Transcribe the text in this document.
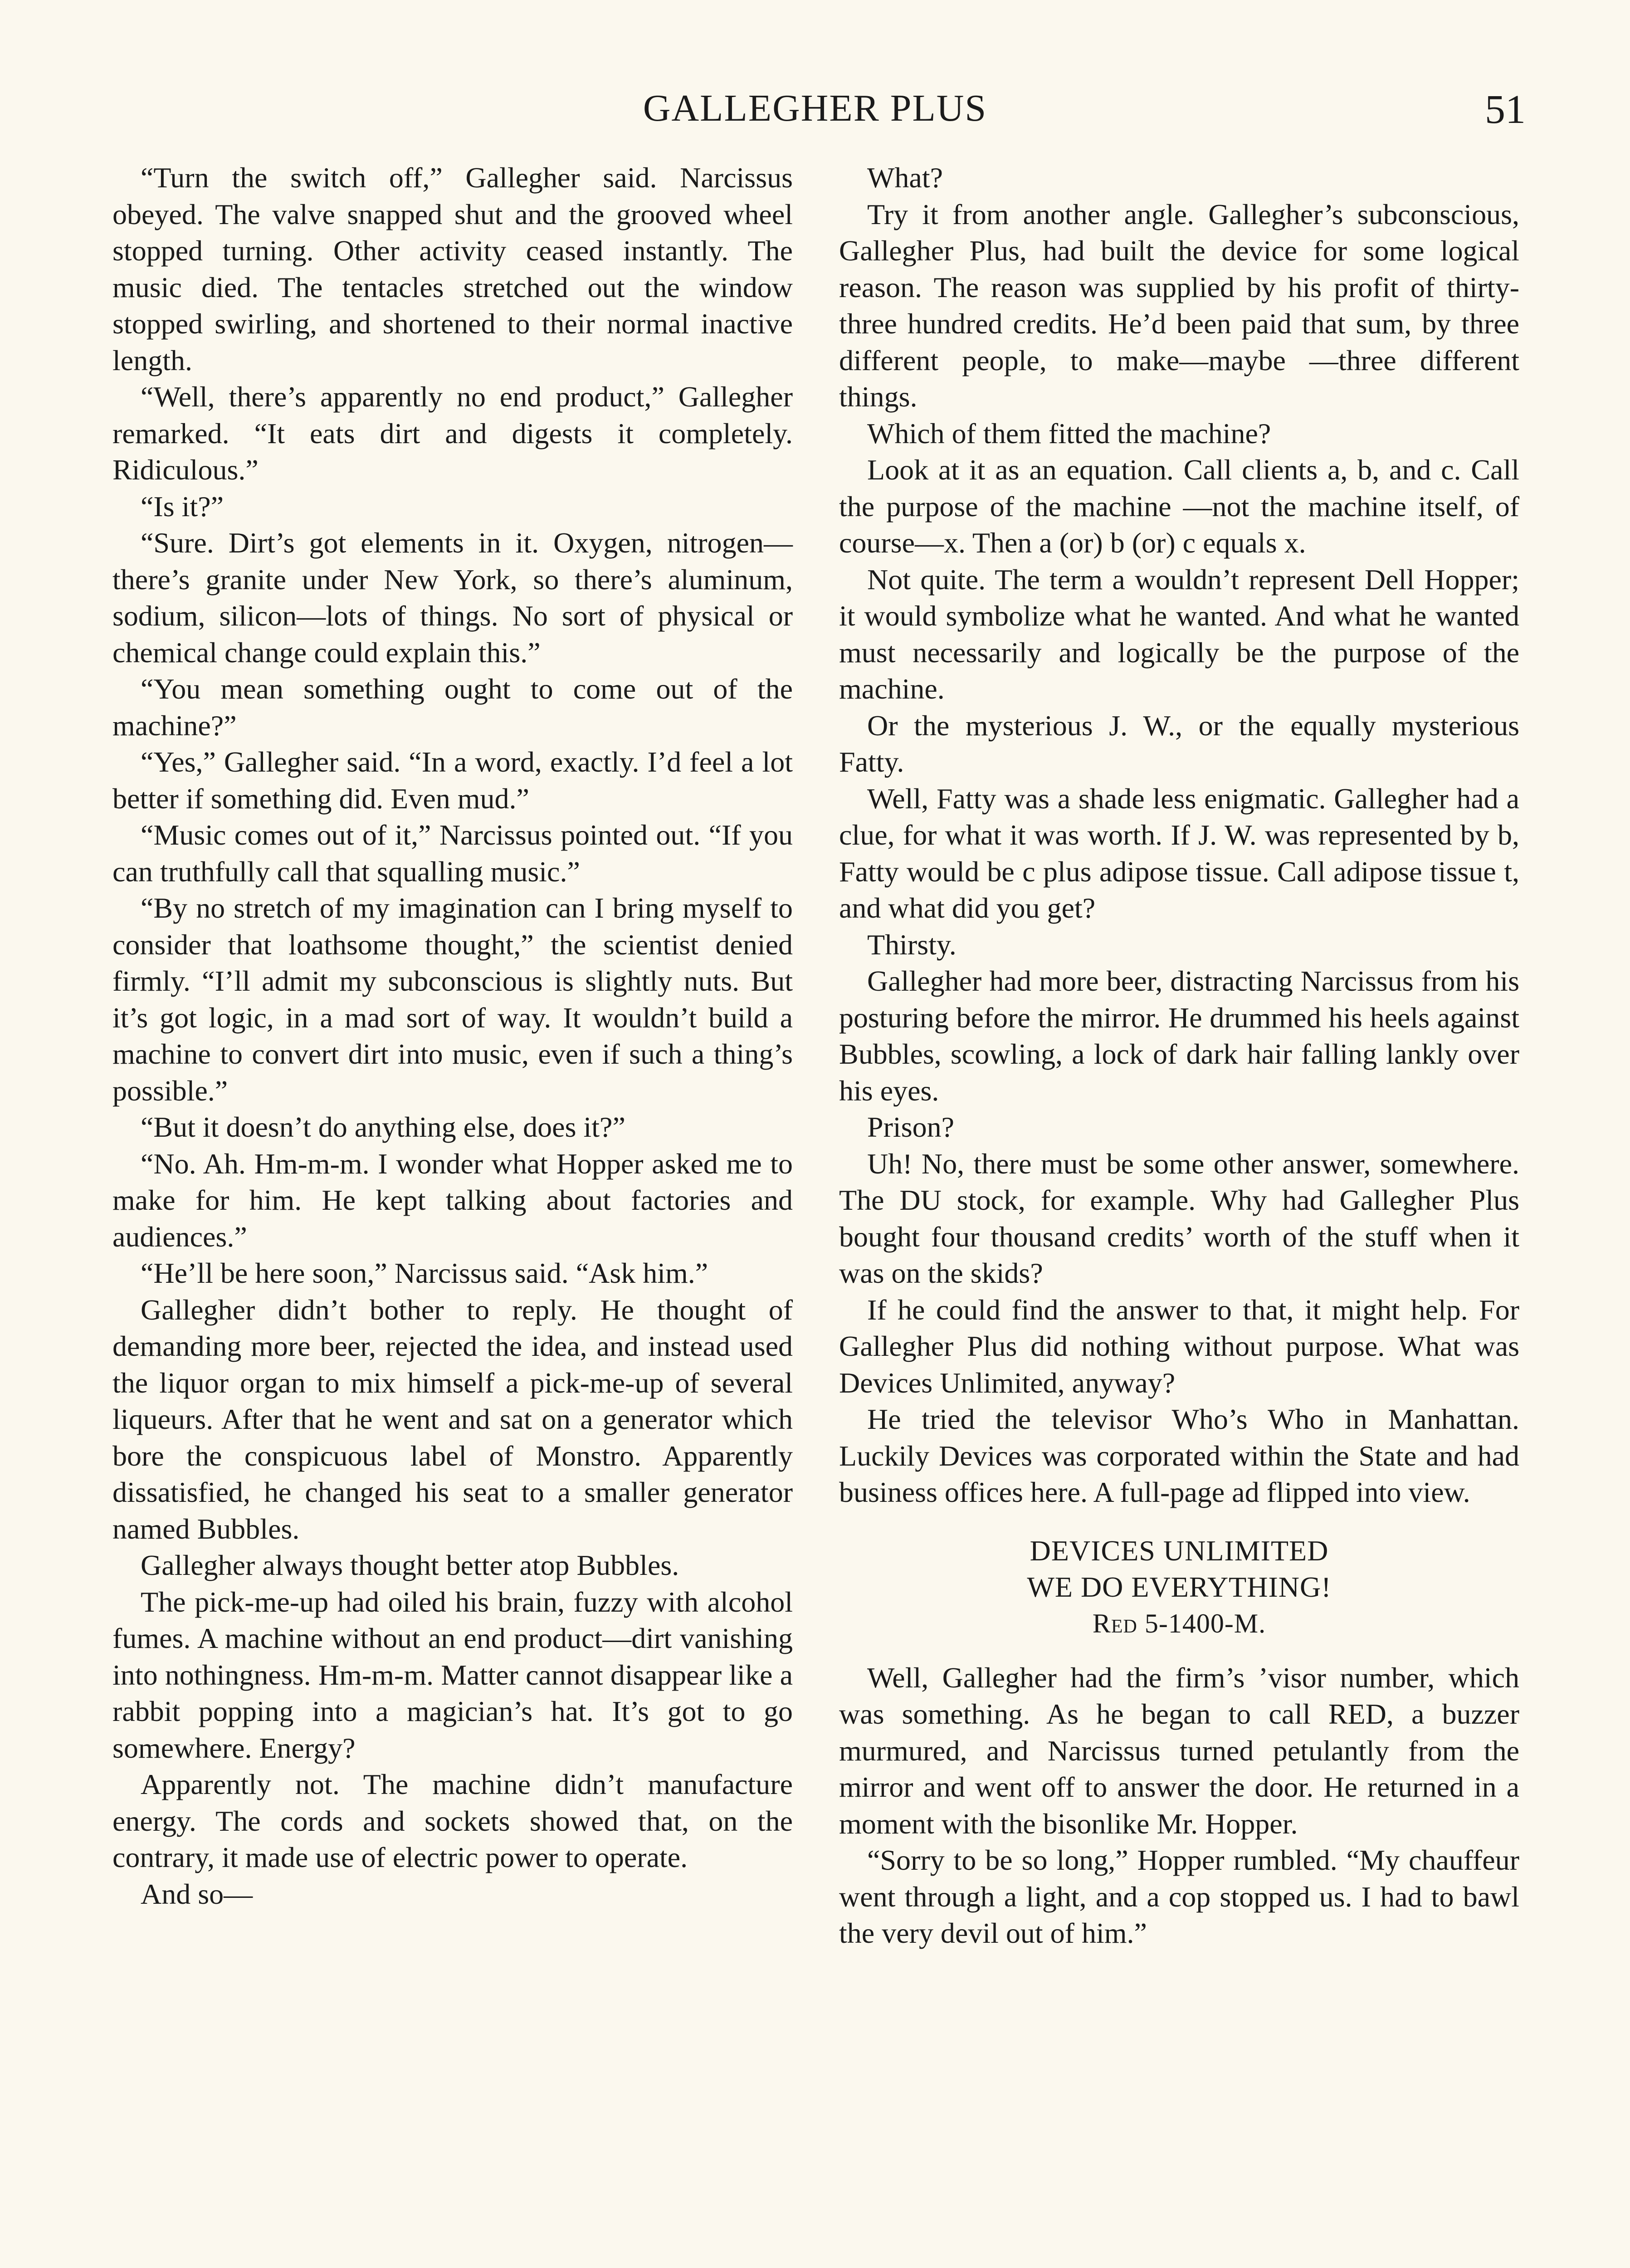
GALLEGHER PLUS	51

“Turn the switch off,” Gallegher said. Narcissus obeyed. The valve snapped shut and the grooved wheel stopped turning. Other activity ceased instantly. The music died. The tentacles stretched out the window stopped swirling, and shortened to their normal inactive length.

“Well, there’s apparently no end product,” Gallegher remarked. “It eats dirt and digests it completely. Ridiculous.”

“Is it?”

“Sure. Dirt’s got elements in it. Oxygen, nitrogen—there’s granite under New York, so there’s aluminum, sodium, silicon—lots of things. No sort of physical or chemical change could explain this.”

“You mean something ought to come out of the machine?”

“Yes,” Gallegher said. “In a word, exactly. I’d feel a lot better if something did. Even mud.”

“Music comes out of it,” Narcissus pointed out. “If you can truthfully call that squalling music.”

“By no stretch of my imagination can I bring myself to consider that loathsome thought,” the scientist denied firmly. “I’ll admit my subconscious is slightly nuts. But it’s got logic, in a mad sort of way. It wouldn’t build a machine to convert dirt into music, even if such a thing’s possible.”

“But it doesn’t do anything else, does it?”

“No. Ah. Hm-m-m. I wonder what Hopper asked me to make for him. He kept talking about factories and audiences.”

“He’ll be here soon,” Narcissus said. “Ask him.”

Gallegher didn’t bother to reply. He thought of demanding more beer, rejected the idea, and instead used the liquor organ to mix himself a pick-me-up of several liqueurs. After that he went and sat on a generator which bore the conspicuous label of Monstro. Apparently dissatisfied, he changed his seat to a smaller generator named Bubbles.

Gallegher always thought better atop Bubbles.

The pick-me-up had oiled his brain, fuzzy with alcohol fumes. A machine without an end product—dirt vanishing into nothingness. Hm-m-m. Matter cannot disappear like a rabbit popping into a magician’s hat. It’s got to go somewhere. Energy?

Apparently not. The machine didn’t manufacture energy. The cords and sockets showed that, on the contrary, it made use of electric power to operate.

And so—

What?

Try it from another angle. Gallegher’s subconscious, Gallegher Plus, had built the device for some logical reason. The reason was supplied by his profit of thirty-three hundred credits. He’d been paid that sum, by three different people, to make—maybe —three different things.

Which of them fitted the machine?

Look at it as an equation. Call clients a, b, and c. Call the purpose of the machine —not the machine itself, of course—x. Then a (or) b (or) c equals x.

Not quite. The term a wouldn’t represent Dell Hopper; it would symbolize what he wanted. And what he wanted must necessarily and logically be the purpose of the machine.

Or the mysterious J. W., or the equally mysterious Fatty.

Well, Fatty was a shade less enigmatic. Gallegher had a clue, for what it was worth. If J. W. was represented by b, Fatty would be c plus adipose tissue. Call adipose tissue t, and what did you get?

Thirsty.

Gallegher had more beer, distracting Narcissus from his posturing before the mirror. He drummed his heels against Bubbles, scowling, a lock of dark hair falling lankly over his eyes.

Prison?

Uh! No, there must be some other answer, somewhere. The DU stock, for example. Why had Gallegher Plus bought four thousand credits’ worth of the stuff when it was on the skids?

If he could find the answer to that, it might help. For Gallegher Plus did nothing without purpose. What was Devices Unlimited, anyway?

He tried the televisor Who’s Who in Manhattan. Luckily Devices was corporated within the State and had business offices here. A full-page ad flipped into view.

DEVICES UNLIMITED
WE DO EVERYTHING!
Red 5-1400-M.

Well, Gallegher had the firm’s ’visor number, which was something. As he began to call RED, a buzzer murmured, and Narcissus turned petulantly from the mirror and went off to answer the door. He returned in a moment with the bisonlike Mr. Hopper.

“Sorry to be so long,” Hopper rumbled. “My chauffeur went through a light, and a cop stopped us. I had to bawl the very devil out of him.”
